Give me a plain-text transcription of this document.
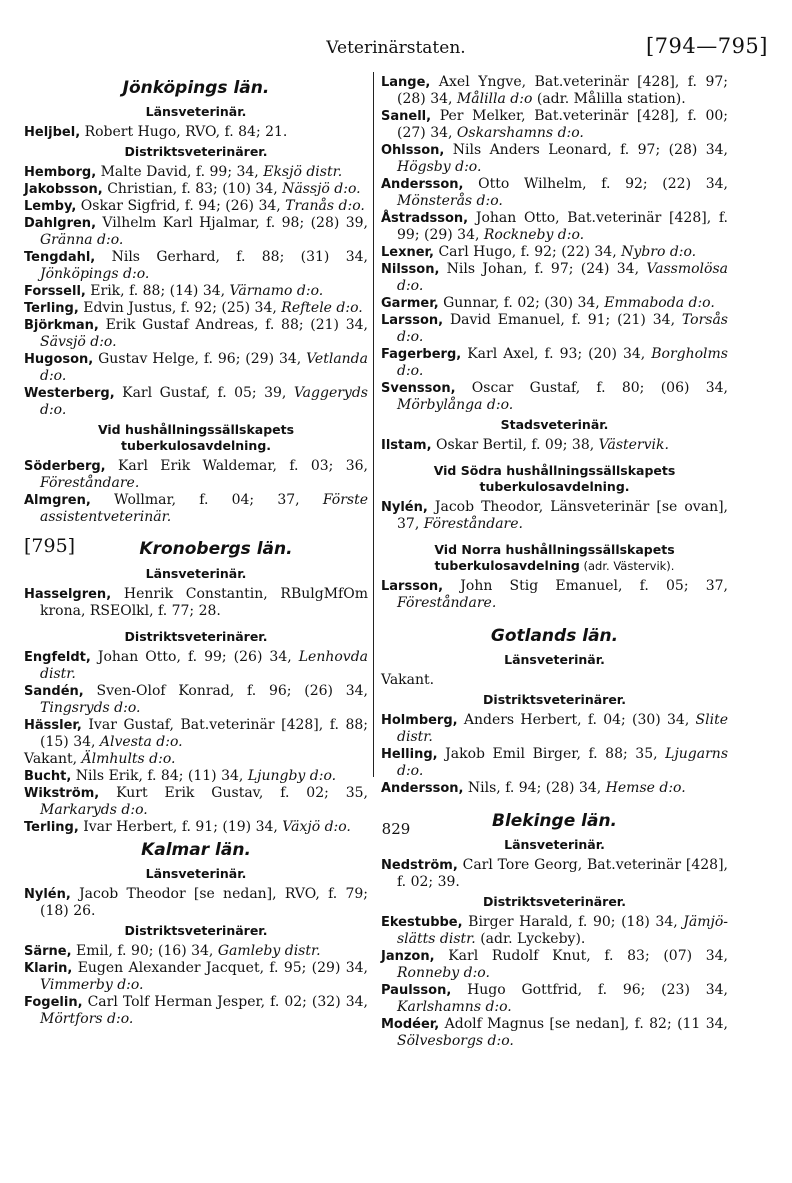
Veterinärstaten.	[794—795]
Jönköpings län.
Länsveterinär.

Heljbel, Robert Hugo, RVO, f. 84; 21.

Distriktsveterinärer.

Hemborg, Malte David, f. 99; 34, Eksjö distr.

Jakobsson, Christian, f. 83; (10) 34, Nässjö d:o.

Lemby, Oskar Sigfrid, f. 94; (26) 34, Tranås d:o.

Dahlgren, Vilhelm Karl Hjalmar, f. 98; (28) 39, Gränna d:o.

Tengdahl, Nils Gerhard, f. 88; (31) 34, Jönköpings d:o.

Forssell, Erik, f. 88; (14) 34, Värnamo d:o.

Terling, Edvin Justus, f. 92; (25) 34, Reftele d:o.

Björkman, Erik Gustaf Andreas, f. 88; (21) 34, Sävsjö d:o.

Hugoson, Gustav Helge, f. 96; (29) 34, Vetlanda d:o.

Westerberg, Karl Gustaf, f. 05; 39, Vaggeryds d:o.

Vid hushållningssällskapets tuberkulosavdelning.

Söderberg, Karl Erik Waldemar, f. 03; 36, Föreståndare.

Almgren, Wollmar, f. 04; 37, Förste assistentveterinär.

[795]	Kronobergs län.
Länsveterinär.

Hasselgren, Henrik Constantin, RBulgMfOm krona, RSEOlkl, f. 77; 28.

Distriktsveterinärer.

Engfeldt, Johan Otto, f. 99; (26) 34, Lenhovda distr.

Sandén, Sven-Olof Konrad, f. 96; (26) 34, Tingsryds d:o.

Hässler, Ivar Gustaf, Bat.veterinär [428], f. 88; (15) 34, Alvesta d:o.

Vakant, Älmhults d:o.

Bucht, Nils Erik, f. 84; (11) 34, Ljungby d:o.

Wikström, Kurt Erik Gustav, f. 02; 35, Markaryds d:o.

Terling, Ivar Herbert, f. 91; (19) 34, Växjö d:o.

Kalmar län.
Länsveterinär.

Nylén, Jacob Theodor [se nedan], RVO, f. 79; (18) 26.

Distriktsveterinärer.

Särne, Emil, f. 90; (16) 34, Gamleby distr.

Klarin, Eugen Alexander Jacquet, f. 95; (29) 34, Vimmerby d:o.

Fogelin, Carl Tolf Herman Jesper, f. 02; (32) 34, Mörtfors d:o.

Lange, Axel Yngve, Bat.veterinär [428], f. 97; (28) 34, Målilla d:o (adr. Målilla station).

Sanell, Per Melker, Bat.veterinär [428], f. 00; (27) 34, Oskarshamns d:o.

Ohlsson, Nils Anders Leonard, f. 97; (28) 34, Högsby d:o.

Andersson, Otto Wilhelm, f. 92; (22) 34, Mönsterås d:o.

Åstradsson, Johan Otto, Bat.veterinär [428], f. 99; (29) 34, Rockneby d:o.

Lexner, Carl Hugo, f. 92; (22) 34, Nybro d:o.

Nilsson, Nils Johan, f. 97; (24) 34, Vassmolösa d:o.

Garmer, Gunnar, f. 02; (30) 34, Emmaboda d:o.

Larsson, David Emanuel, f. 91; (21) 34, Torsås d:o.

Fagerberg, Karl Axel, f. 93; (20) 34, Borgholms d:o.

Svensson, Oscar Gustaf, f. 80; (06) 34, Mörbylånga d:o.

Stadsveterinär.

Ilstam, Oskar Bertil, f. 09; 38, Västervik.

Vid Södra hushållningssällskapets tuberkulosavdelning.

Nylén, Jacob Theodor, Länsveterinär [se ovan], 37, Föreståndare.

Vid Norra hushållningssällskapets tuberkulosavdelning (adr. Västervik).

Larsson, John Stig Emanuel, f. 05; 37, Föreståndare.

Gotlands län.
Länsveterinär.

Vakant.

Distriktsveterinärer.

Holmberg, Anders Herbert, f. 04; (30) 34, Slite distr.

Helling, Jakob Emil Birger, f. 88; 35, Ljugarns d:o.

Andersson, Nils, f. 94; (28) 34, Hemse d:o.

Blekinge län.
Länsveterinär.

Nedström, Carl Tore Georg, Bat.veterinär [428], f. 02; 39.

Distriktsveterinärer.

Ekestubbe, Birger Harald, f. 90; (18) 34, Jämjö-slätts distr. (adr. Lyckeby).

Janzon, Karl Rudolf Knut, f. 83; (07) 34, Ronneby d:o.

Paulsson, Hugo Gottfrid, f. 96; (23) 34, Karlshamns d:o.

Modéer, Adolf Magnus [se nedan], f. 82; (11 34, Sölvesborgs d:o.

829
